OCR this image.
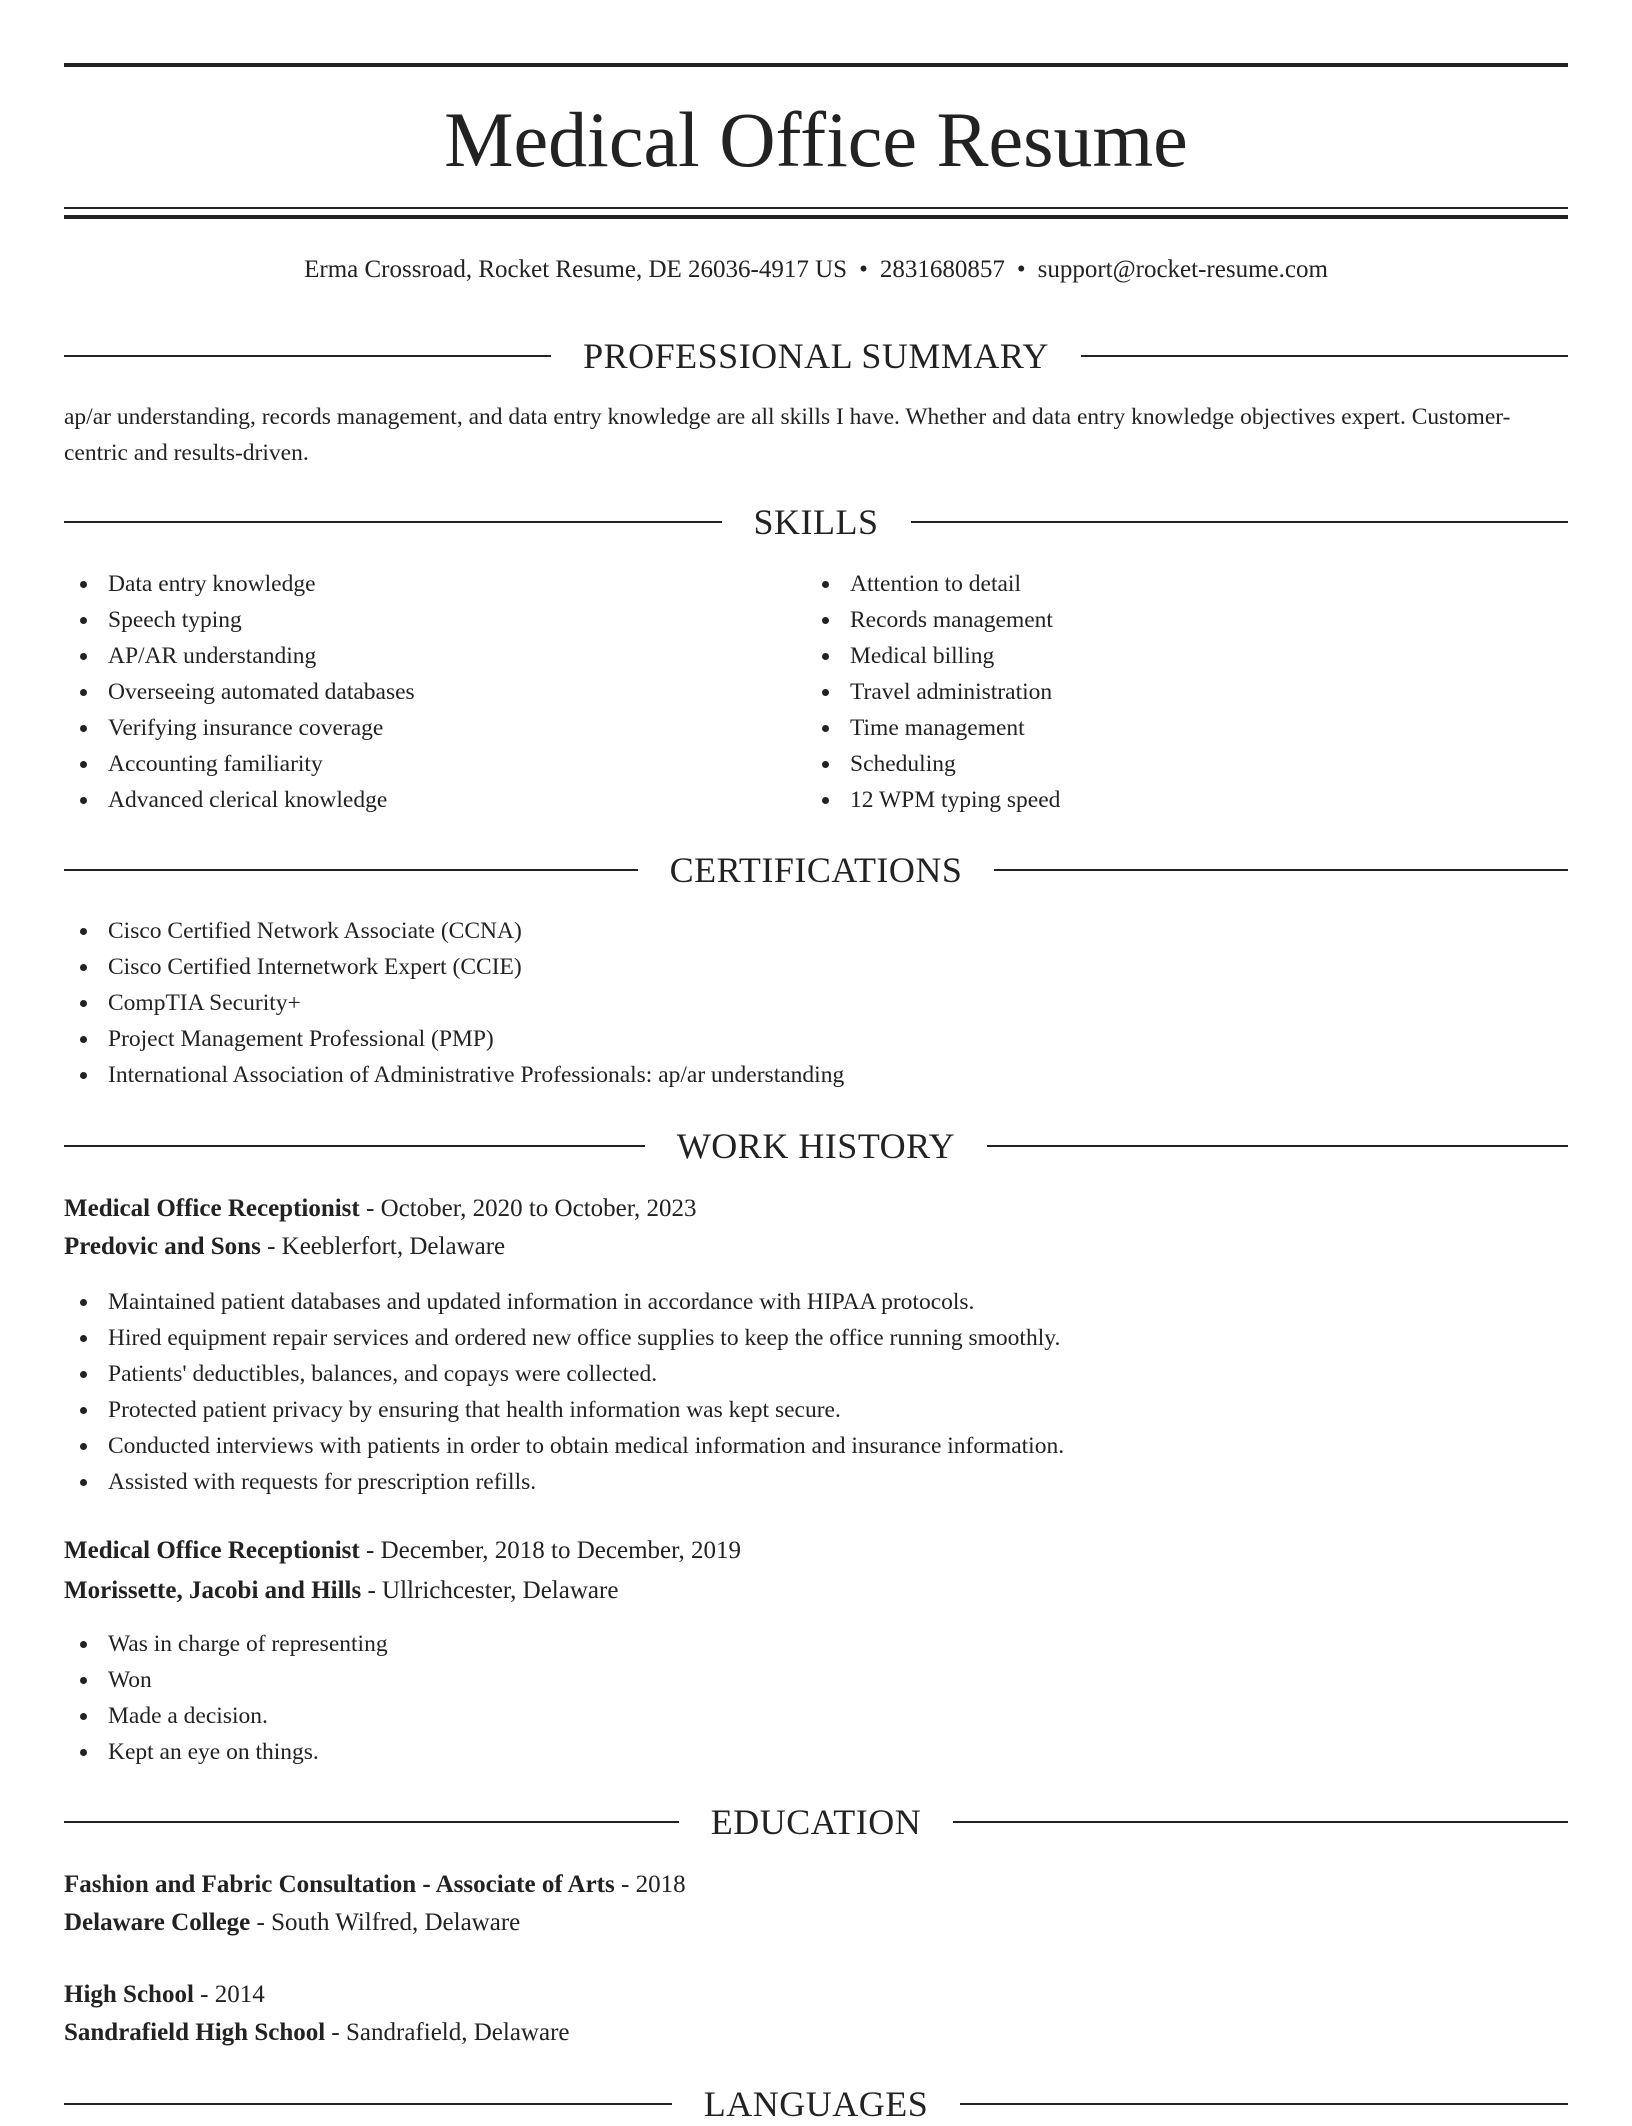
Medical Office Resume
Erma Crossroad, Rocket Resume, DE 26036-4917 US • 2831680857 • support@rocket-resume.com
PROFESSIONAL SUMMARY

ap/ar understanding, records management, and data entry knowledge are all skills I have. Whether and data entry knowledge objectives expert. Customer-centric and results-driven.

SKILLS
Data entry knowledge
Speech typing
AP/AR understanding
Overseeing automated databases
Verifying insurance coverage
Accounting familiarity
Advanced clerical knowledge
Attention to detail
Records management
Medical billing
Travel administration
Time management
Scheduling
12 WPM typing speed
CERTIFICATIONS
Cisco Certified Network Associate (CCNA)
Cisco Certified Internetwork Expert (CCIE)
CompTIA Security+
Project Management Professional (PMP)
International Association of Administrative Professionals: ap/ar understanding
WORK HISTORY
Medical Office Receptionist - October, 2020 to October, 2023
Predovic and Sons - Keeblerfort, Delaware
Maintained patient databases and updated information in accordance with HIPAA protocols.
Hired equipment repair services and ordered new office supplies to keep the office running smoothly.
Patients' deductibles, balances, and copays were collected.
Protected patient privacy by ensuring that health information was kept secure.
Conducted interviews with patients in order to obtain medical information and insurance information.
Assisted with requests for prescription refills.
Medical Office Receptionist - December, 2018 to December, 2019
Morissette, Jacobi and Hills - Ullrichcester, Delaware
Was in charge of representing
Won
Made a decision.
Kept an eye on things.
EDUCATION
Fashion and Fabric Consultation - Associate of Arts - 2018
Delaware College - South Wilfred, Delaware
High School - 2014
Sandrafield High School - Sandrafield, Delaware
LANGUAGES
